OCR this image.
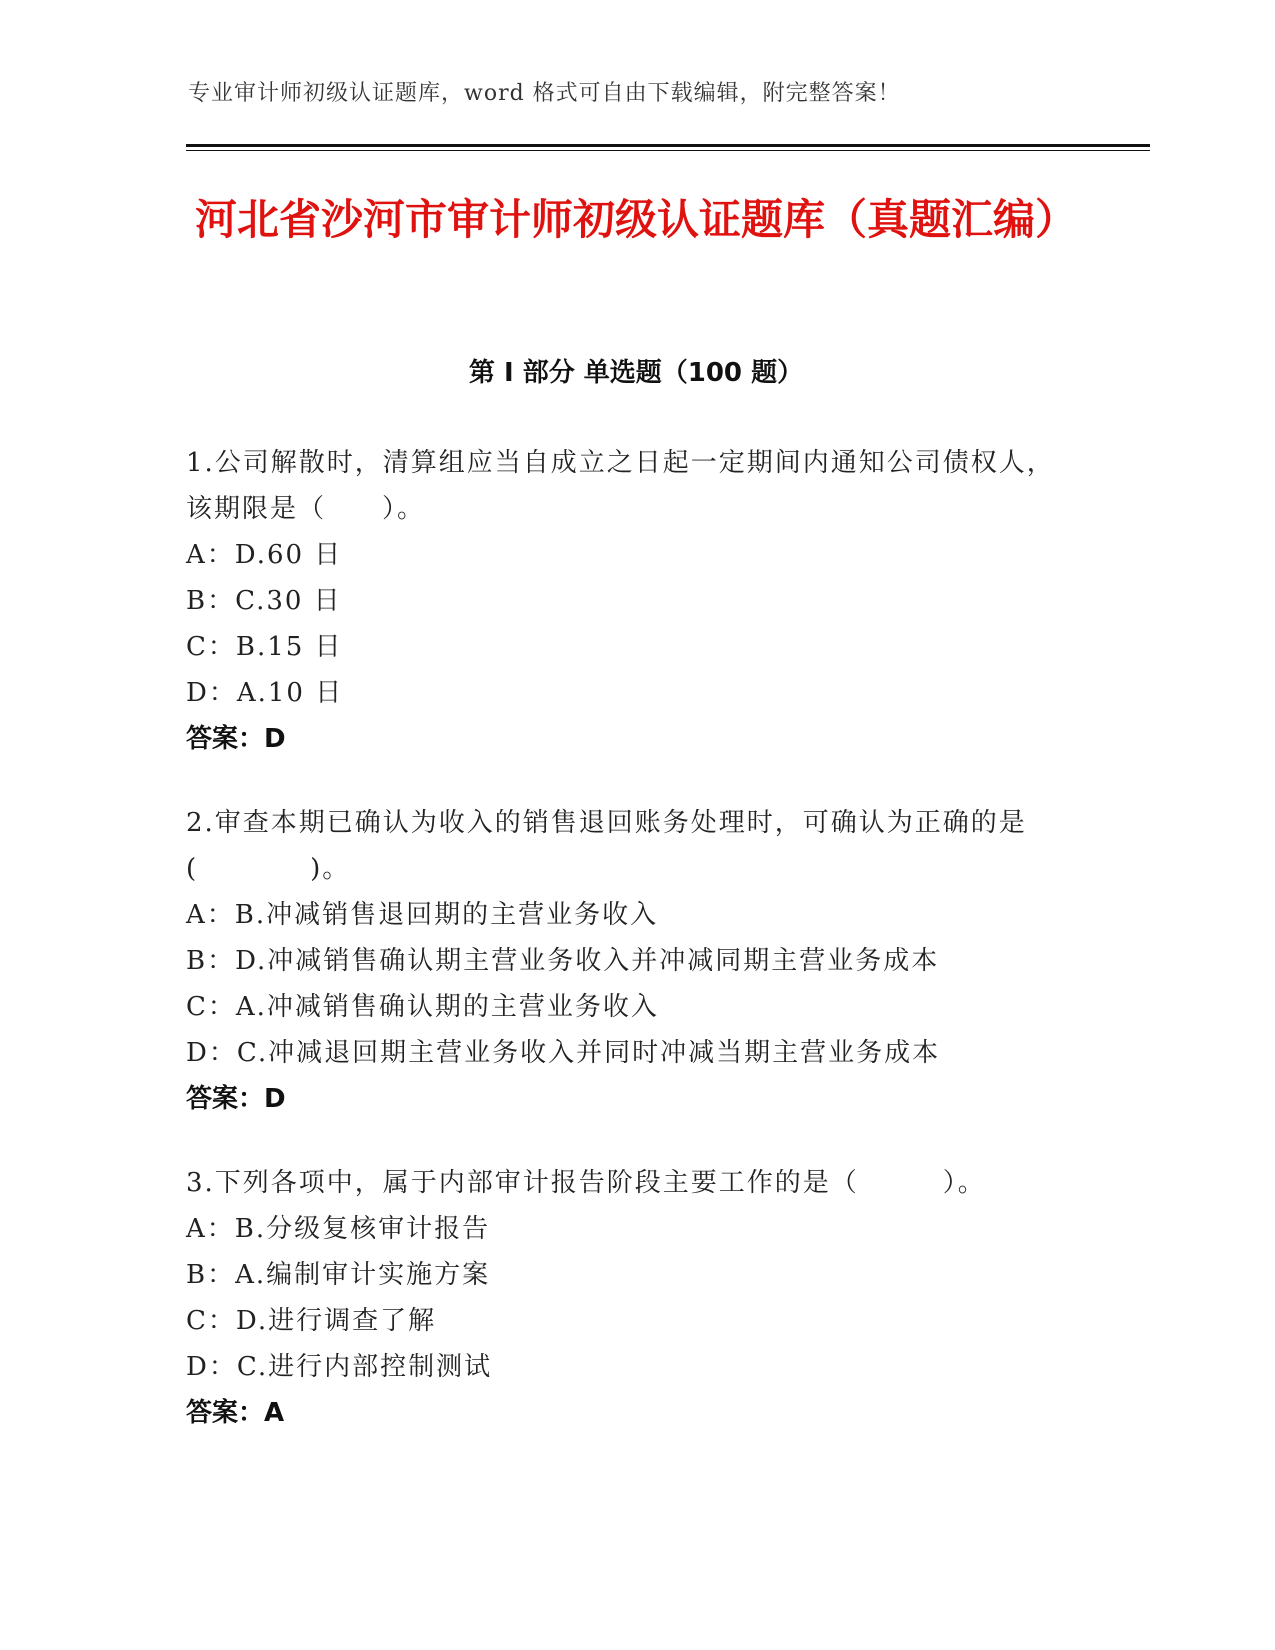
专业审计师初级认证题库，word 格式可自由下载编辑，附完整答案！
河北省沙河市审计师初级认证题库（真题汇编）
第 I 部分 单选题（100 题）

1.公司解散时，清算组应当自成立之日起一定期间内通知公司债权人，该期限是（　　）。

A：D.60 日

B：C.30 日

C：B.15 日

D：A.10 日

答案：D

2.审查本期已确认为收入的销售退回账务处理时，可确认为正确的是(　　　　)。

A：B.冲减销售退回期的主营业务收入

B：D.冲减销售确认期主营业务收入并冲减同期主营业务成本

C：A.冲减销售确认期的主营业务收入

D：C.冲减退回期主营业务收入并同时冲减当期主营业务成本

答案：D

3.下列各项中，属于内部审计报告阶段主要工作的是（　　　）。

A：B.分级复核审计报告

B：A.编制审计实施方案

C：D.进行调查了解

D：C.进行内部控制测试

答案：A
